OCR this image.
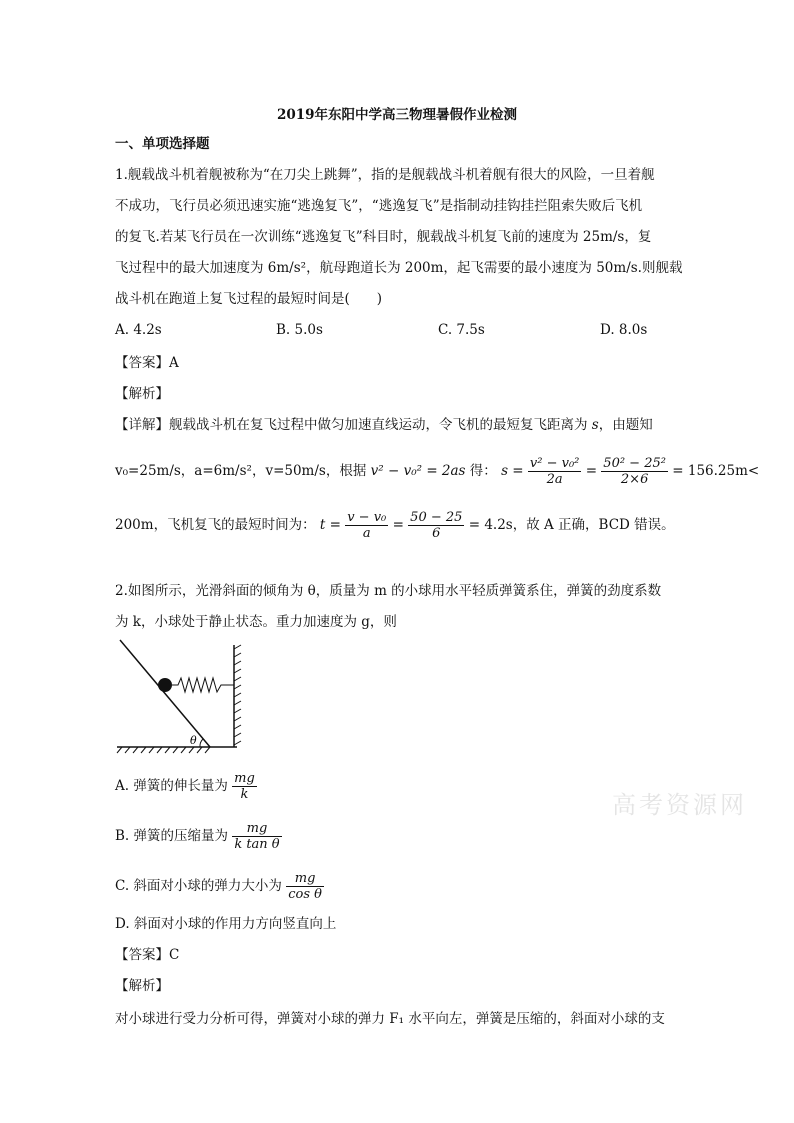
2019年东阳中学高三物理暑假作业检测
一、单项选择题
1.舰载战斗机着舰被称为“在刀尖上跳舞”，指的是舰载战斗机着舰有很大的风险，一旦着舰
不成功，飞行员必须迅速实施“逃逸复飞”，“逃逸复飞”是指制动挂钩挂拦阻索失败后飞机
的复飞.若某飞行员在一次训练“逃逸复飞”科目时，舰载战斗机复飞前的速度为 25m/s，复
飞过程中的最大加速度为 6m/s²，航母跑道长为 200m，起飞需要的最小速度为 50m/s.则舰载
战斗机在跑道上复飞过程的最短时间是(　　)
A. 4.2s	B. 5.0s	C. 7.5s	D. 8.0s
【答案】A
【解析】
【详解】舰载战斗机在复飞过程中做匀加速直线运动，令飞机的最短复飞距离为 s，由题知
v₀=25m/s，a=6m/s²，v=50m/s，根据 v² − v₀² = 2as 得： $s = \frac{\text{v² − v₀²}}{2a} = \frac{\text{50² − 25²}}{2\times 6} = 156.25m<$
200m，飞机复飞的最短时间为： $t = \frac{\text{v − v₀}}{a} = \frac{50 - 25}{6} = 4.2s$，故 A 正确，BCD 错误。
2.如图所示，光滑斜面的倾角为 θ，质量为 m 的小球用水平轻质弹簧系住，弹簧的劲度系数
为 k，小球处于静止状态。重力加速度为 g，则
θ
A. 弹簧的伸长量为 $\frac{mg}{k}$
B. 弹簧的压缩量为 $\frac{mg}{\text{k tan θ}}$
C. 斜面对小球的弹力大小为 $\frac{mg}{\text{cos θ}}$
D. 斜面对小球的作用力方向竖直向上
【答案】C
【解析】
对小球进行受力分析可得，弹簧对小球的弹力 F₁ 水平向左，弹簧是压缩的，斜面对小球的支
高考资源网
